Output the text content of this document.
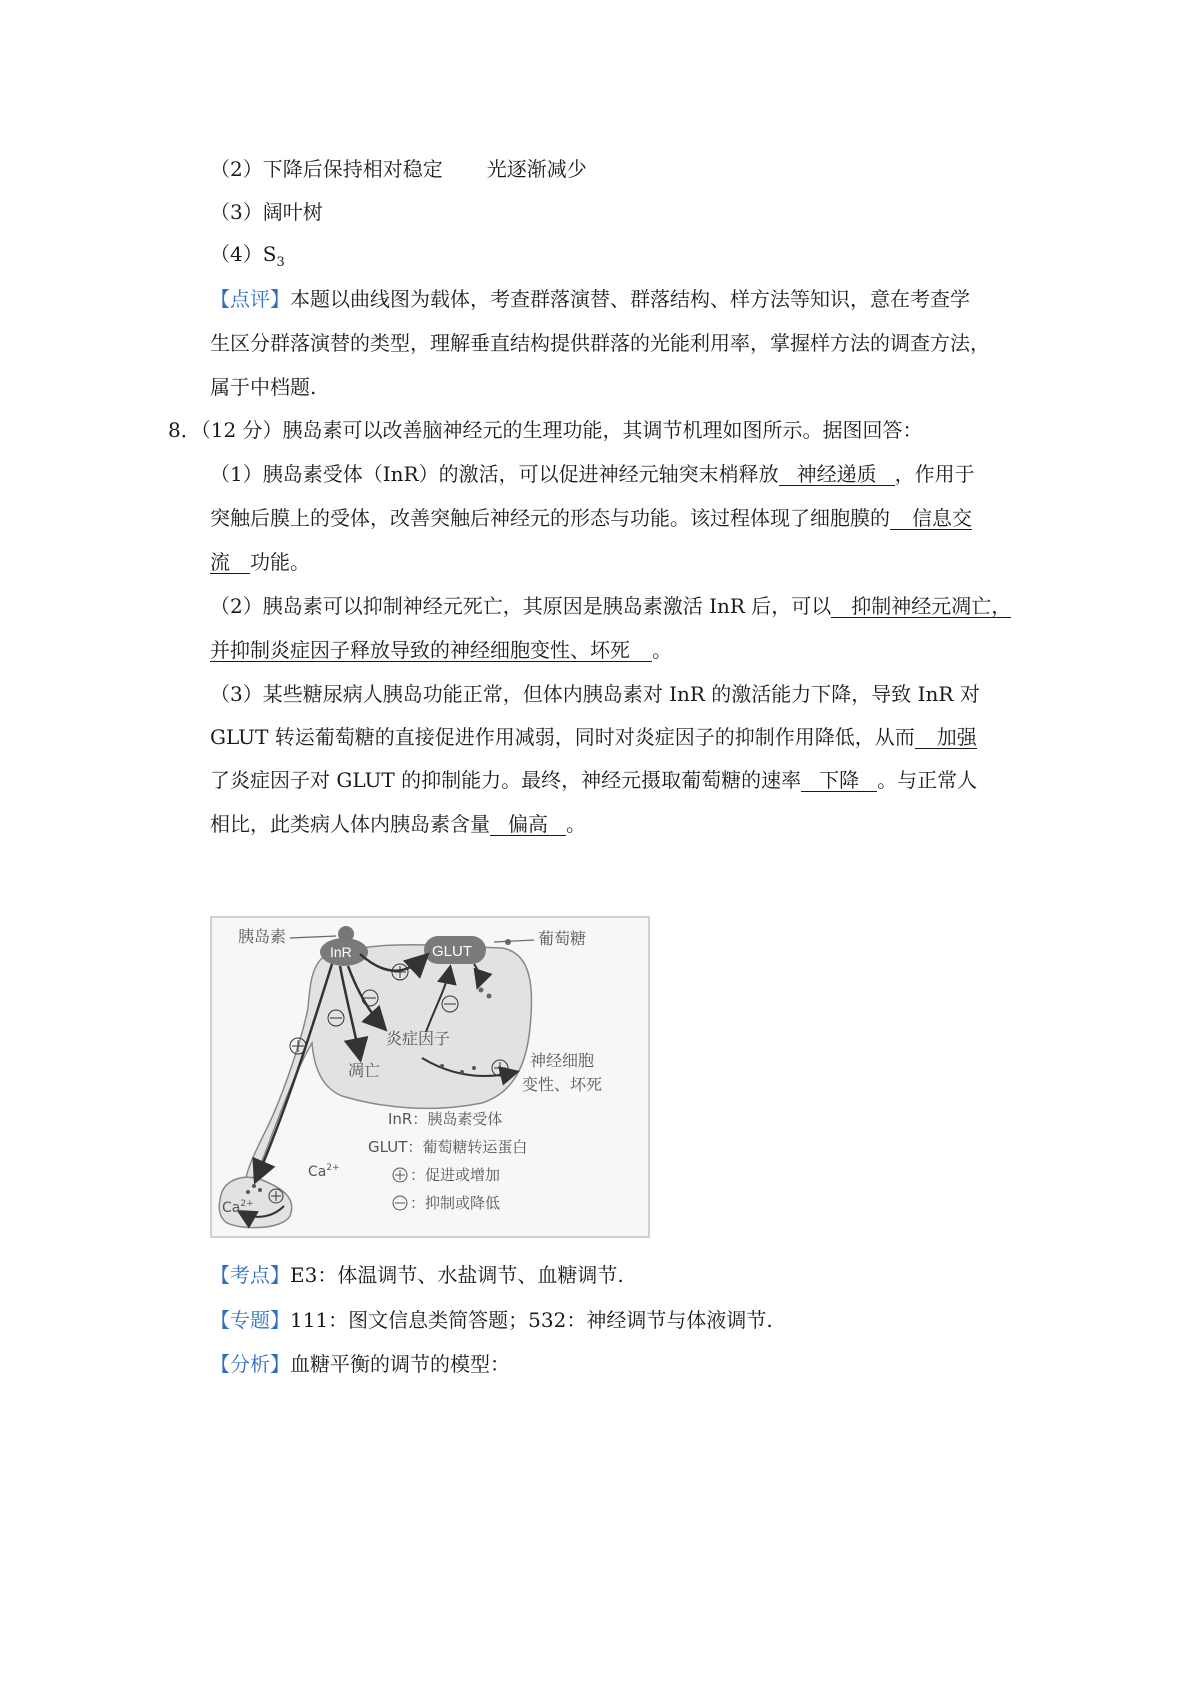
（2）下降后保持相对稳定 光逐渐减少
（3）阔叶树
$(4)S_3$
【点评】本题以曲线图为载体，考查群落演替、群落结构、样方法等知识，意在考查学
生区分群落演替的类型，理解垂直结构提供群落的光能利用率，掌握样方法的调查方法，
属于中档题.
8．（12 分）胰岛素可以改善脑神经元的生理功能，其调节机理如图所示。据图回答：
（1）胰岛素受体（InR）的激活，可以促进神经元轴突末梢释放 神经递质 ，作用于
突触后膜上的受体，改善突触后神经元的形态与功能。该过程体现了细胞膜的 信息交
流 功能。
（2）胰岛素可以抑制神经元死亡，其原因是胰岛素激活 InR 后，可以 抑制神经元凋亡，
并抑制炎症因子释放导致的神经细胞变性、坏死 。
（3）某些糖尿病人胰岛功能正常，但体内胰岛素对 InR 的激活能力下降，导致 InR 对
GLUT 转运葡萄糖的直接促进作用减弱，同时对炎症因子的抑制作用降低，从而 加强
了炎症因子对 GLUT 的抑制能力。最终，神经元摄取葡萄糖的速率 下降 。与正常人
相比，此类病人体内胰岛素含量 偏高 。
胰岛素
InR	GLUT
葡萄糖
炎症因子
凋亡
神经细胞
变性、坏死
InR：胰岛素受体
GLUT：葡萄糖转运蛋白
：促进或增加
：抑制或降低
$Ca^{2+}$
$Ca^{2+}$
【考点】E3：体温调节、水盐调节、血糖调节.
【专题】111：图文信息类简答题；532：神经调节与体液调节.
【分析】血糖平衡的调节的模型：
